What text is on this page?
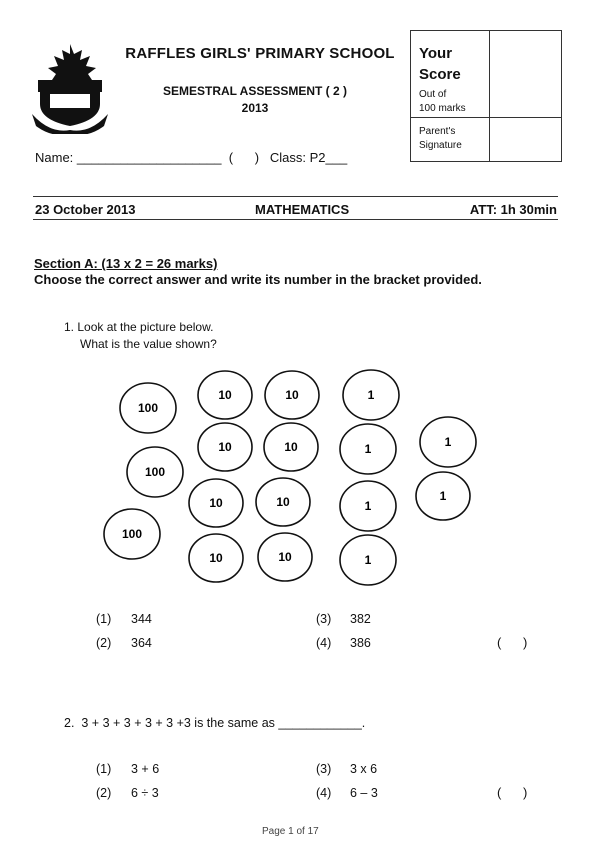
RGPS
RAFFLES GIRLS' PRIMARY SCHOOL
SEMESTRAL ASSESSMENT ( 2 )
2013
Name: ____________________  (      )   Class: P2___
Your
Score
Out of
100 marks
Parent's
Signature
23 October 2013	MATHEMATICS	ATT: 1h 30min
Section A: (13 x 2 = 26 marks)
Choose the correct answer and write its number in the bracket provided.
1. Look at the picture below.
What is the value shown?
100
100
100
10	10
10	10
10	10
10	10
1
1
1
1
1
1
(1) 344
(2) 364
(3) 382
(4) 386	(      )
2.  3 + 3 + 3 + 3 + 3 +3 is the same as ____________.
(1) 3 + 6
(2) 6 ÷ 3
(3) 3 x 6
(4) 6 – 3	(      )
Page 1 of 17
